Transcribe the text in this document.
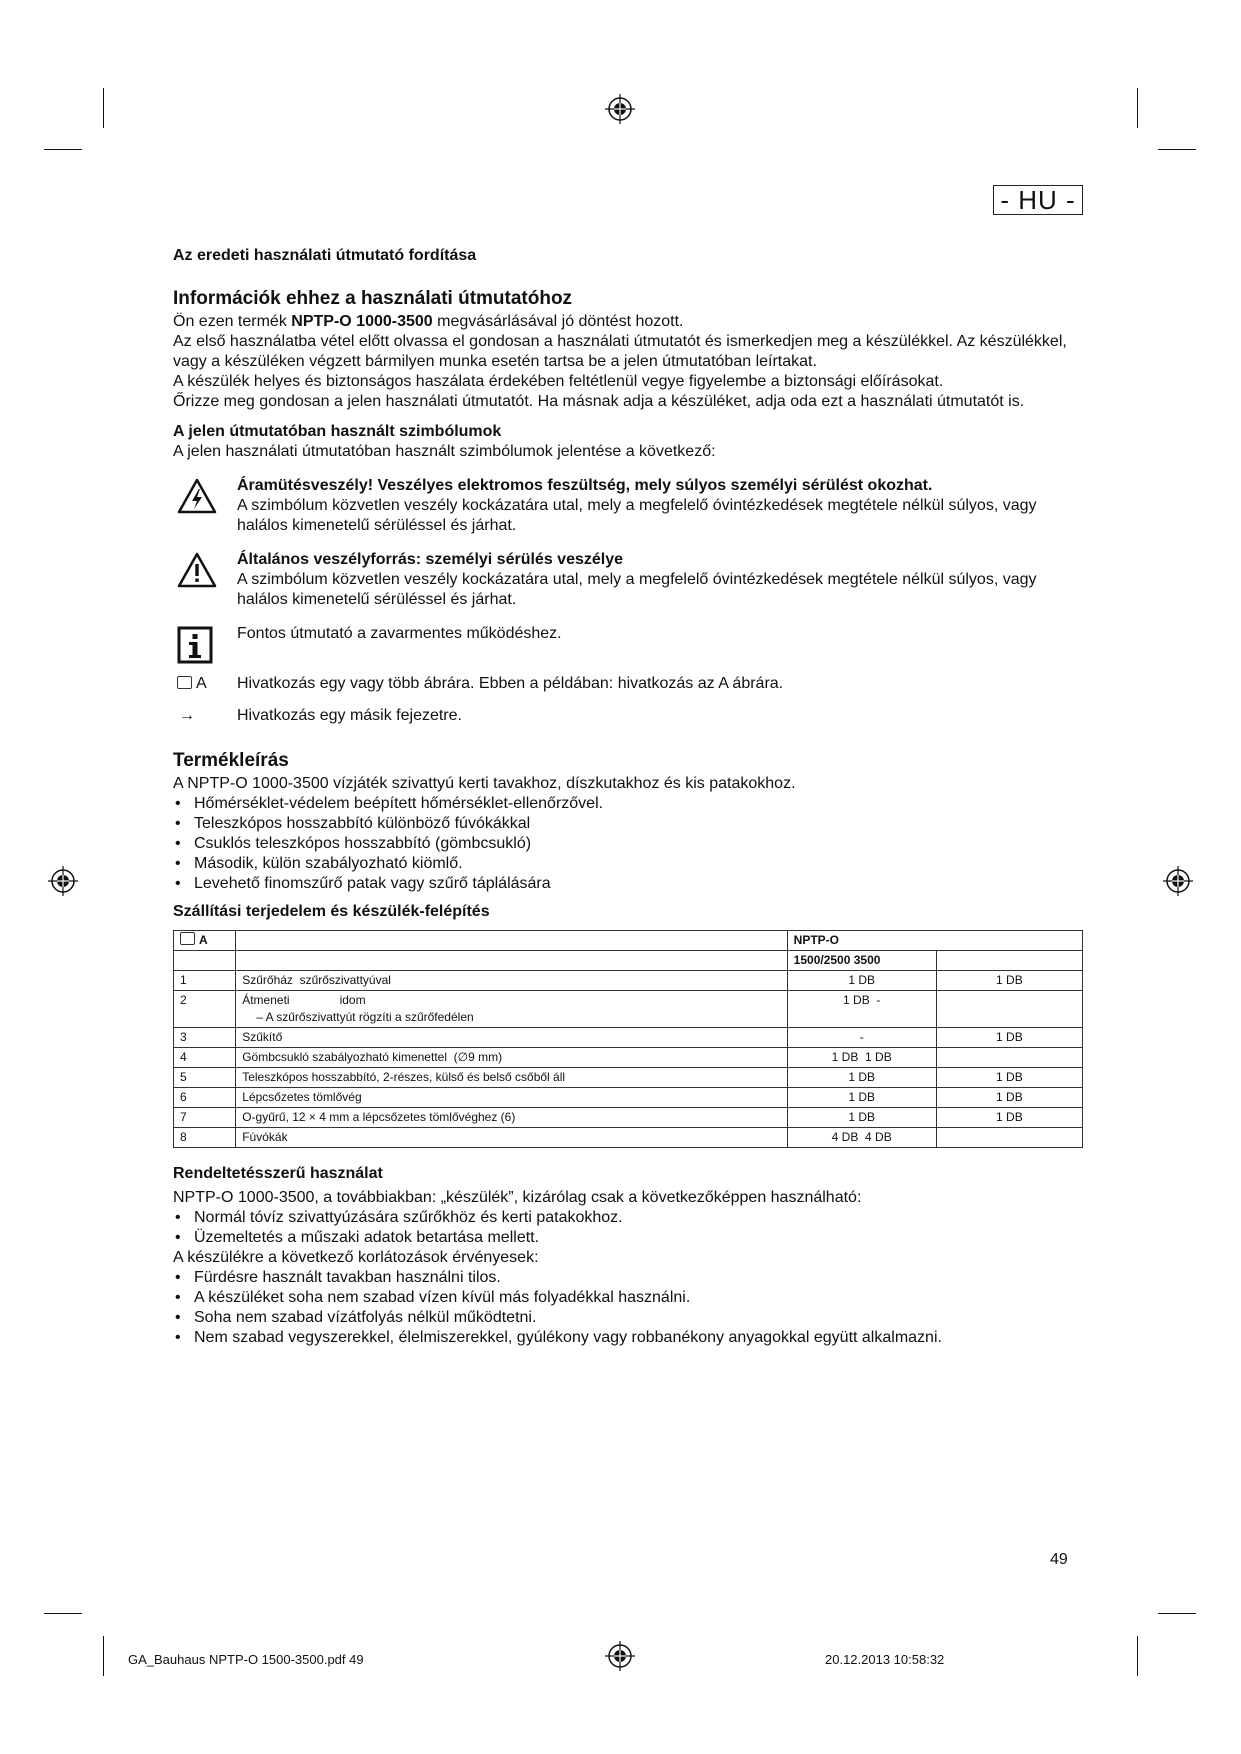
- HU -
Az eredeti használati útmutató fordítása
Információk ehhez a használati útmutatóhoz

Ön ezen termék NPTP-O 1000-3500 megvásárlásával jó döntést hozott.

Az első használatba vétel előtt olvassa el gondosan a használati útmutatót és ismerkedjen meg a készülékkel. Az készülékkel, vagy a készüléken végzett bármilyen munka esetén tartsa be a jelen útmutatóban leírtakat.

A készülék helyes és biztonságos haszálata érdekében feltétlenül vegye figyelembe a biztonsági előírásokat.

Őrizze meg gondosan a jelen használati útmutatót. Ha másnak adja a készüléket, adja oda ezt a használati útmutatót is.

A jelen útmutatóban használt szimbólumok

A jelen használati útmutatóban használt szimbólumok jelentése a következő:

Áramütésveszély! Veszélyes elektromos feszültség, mely súlyos személyi sérülést okozhat.
A szimbólum közvetlen veszély kockázatára utal, mely a megfelelő óvintézkedések megtétele nélkül súlyos, vagy halálos kimenetelű sérüléssel és járhat.
Általános veszélyforrás: személyi sérülés veszélye
A szimbólum közvetlen veszély kockázatára utal, mely a megfelelő óvintézkedések megtétele nélkül súlyos, vagy halálos kimenetelű sérüléssel és járhat.
Fontos útmutató a zavarmentes működéshez.
A Hivatkozás egy vagy több ábrára. Ebben a példában: hivatkozás az A ábrára.
→	Hivatkozás egy másik fejezetre.
Termékleírás

A NPTP-O 1000-3500 vízjáték szivattyú kerti tavakhoz, díszkutakhoz és kis patakokhoz.

• Hőmérséklet-védelem beépített hőmérséklet-ellenőrzővel.
• Teleszkópos hosszabbító különböző fúvókákkal
• Csuklós teleszkópos hosszabbító (gömbcsukló)
• Második, külön szabályozható kiömlő.
• Levehető finomszűrő patak vagy szűrő táplálására
Szállítási terjedelem és készülék-felépítés
A		NPTP-O	
		1500/2500 3500	

1	Szűrőház  szűrőszivattyúval	1 DB	1 DB

2	Átmeneti               idom
– A szűrőszivattyút rögzíti a szűrőfedélen	1 DB  -	

3	Szűkítő	-	1 DB

4	Gömbcsukló szabályozható kimenettel  (∅9 mm)	1 DB  1 DB	

5	Teleszkópos hosszabbító, 2-részes, külső és belső csőből áll	1 DB	1 DB

6	Lépcsőzetes tömlővég	1 DB	1 DB

7	O-gyűrű, 12 × 4 mm a lépcsőzetes tömlővéghez (6)	1 DB	1 DB

8	Fúvókák	4 DB  4 DB	

Rendeltetésszerű használat

NPTP-O 1000-3500, a továbbiakban: „készülék”, kizárólag csak a következőképpen használható:

• Normál tóvíz szivattyúzására szűrőkhöz és kerti patakokhoz.
• Üzemeltetés a műszaki adatok betartása mellett.

A készülékre a következő korlátozások érvényesek:

• Fürdésre használt tavakban használni tilos.
• A készüléket soha nem szabad vízen kívül más folyadékkal használni.
• Soha nem szabad vízátfolyás nélkül működtetni.
• Nem szabad vegyszerekkel, élelmiszerekkel, gyúlékony vagy robbanékony anyagokkal együtt alkalmazni.
49
GA_Bauhaus NPTP-O 1500-3500.pdf 49	20.12.2013 10:58:32
